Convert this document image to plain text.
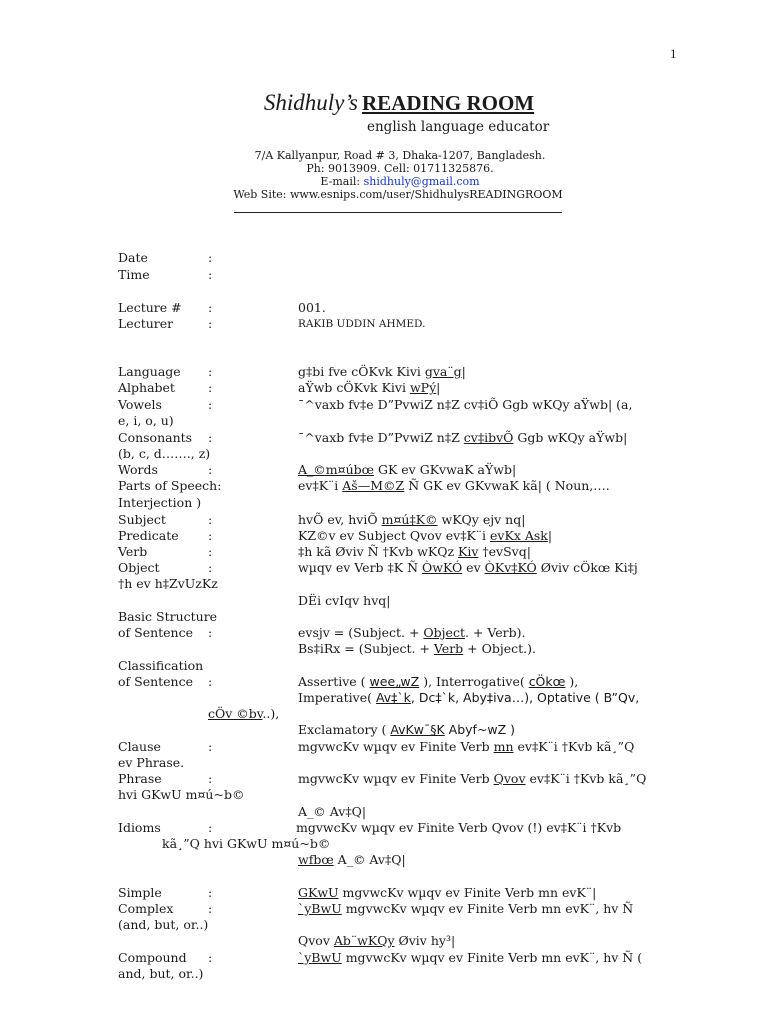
1
Shidhuly’s READING ROOM
english language educator
7/A Kallyanpur, Road # 3, Dhaka-1207, Bangladesh.
Ph: 9013909. Cell: 01711325876.
E-mail: shidhuly@gmail.com
Web Site: www.esnips.com/user/ShidhulysREADINGROOM
Date	:
Time	:
Lecture # :	001.
Lecturer	:	RAKIB UDDIN AHMED.
Language :	g‡bi fve cÖKvk Kivi gva¨g|
Alphabet	:	aŸwb cÖKvk Kivi wPý|
Vowels	:	¯^vaxb fv‡e D”PvwiZ n‡Z cv‡iÕ Ggb wKQy aŸwb| (a,
e, i, o, u)
Consonants :	¯^vaxb fv‡e D”PvwiZ n‡Z cv‡ibvÕ Ggb wKQy aŸwb|
(b, c, d……., z)
Words	:	A_©m¤úbœ GK ev GKvwaK aŸwb|
Parts of Speech:	ev‡K¨i Aš—M©Z Ñ GK ev GKvwaK kã| ( Noun,….
Interjection )
Subject	:	hvÕ ev, hviÕ m¤ú‡K© wKQy ejv nq|
Predicate :	KZ©v ev Subject Qvov ev‡K¨i evKx Ask|
Verb	:	‡h kã Øviv Ñ †Kvb wKQz Kiv †evSvq|
Object	:	wµqv ev Verb ‡K Ñ ÒwKÓ ev ÒKv‡KÓ Øviv cÖkœ Ki‡j
†h ev h‡ZvUzKz
DËi cvIqv hvq|
Basic Structure
of Sentence :	evsjv = (Subject. + Object. + Verb).
Bs‡iRx = (Subject. + Verb + Object.).
Classification
of Sentence :	Assertive ( wee„wZ ), Interrogative( cÖkœ ),
Imperative( Av‡`k, Dc‡`k, Aby‡iva…), Optative ( B”Qv,
cÖv ©bv..),
Exclamatory ( AvKw¯§K Abyf~wZ )
Clause	:	mgvwcKv wµqv ev Finite Verb mn ev‡K¨i †Kvb kã¸”Q
ev Phrase.
Phrase	:	mgvwcKv wµqv ev Finite Verb Qvov ev‡K¨i †Kvb kã¸”Q
hvi GKwU m¤ú~b©
A_© Av‡Q|
Idioms	:	mgvwcKv wµqv ev Finite Verb Qvov (!) ev‡K¨i †Kvb
kã¸”Q hvi GKwU m¤ú~b©
wfbœ A_© Av‡Q|
Simple	:	GKwU mgvwcKv wµqv ev Finite Verb mn evK¨|
Complex	:	`yBwU mgvwcKv wµqv ev Finite Verb mn evK¨, hv Ñ
(and, but, or..)
Qvov Ab¨wKQy Øviv hy³|
Compound :	`yBwU mgvwcKv wµqv ev Finite Verb mn evK¨, hv Ñ (
and, but, or..)
